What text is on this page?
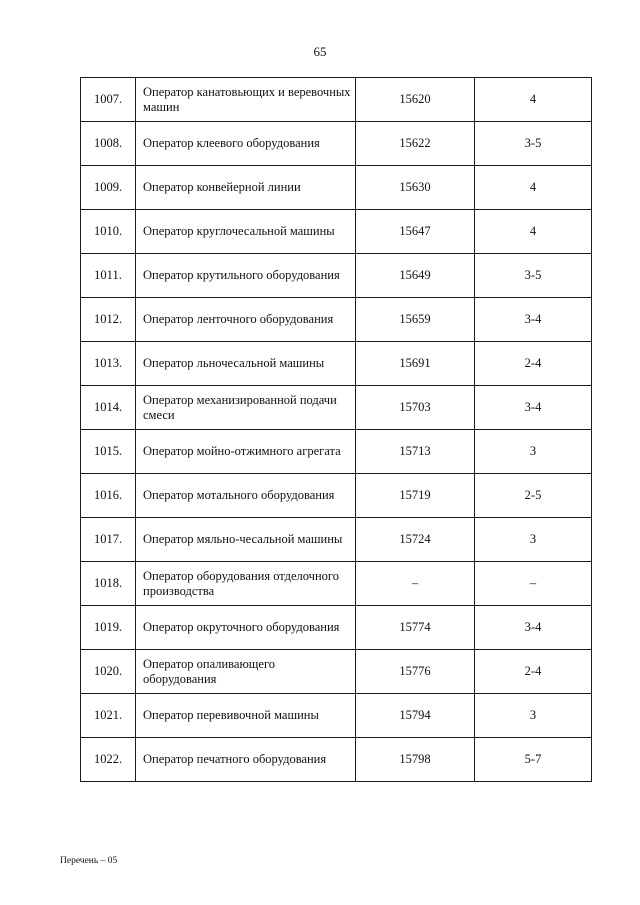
65
1007.	Оператор канатовьющих и веревочных машин	15620	4
1008.	Оператор клеевого оборудования	15622	3-5
1009.	Оператор конвейерной линии	15630	4
1010.	Оператор круглочесальной машины	15647	4
1011.	Оператор крутильного оборудования	15649	3-5
1012.	Оператор ленточного оборудования	15659	3-4
1013.	Оператор льночесальной машины	15691	2-4
1014.	Оператор механизированной подачи смеси	15703	3-4
1015.	Оператор мойно-отжимного агрегата	15713	3
1016.	Оператор мотального оборудования	15719	2-5
1017.	Оператор мяльно-чесальной машины	15724	3
1018.	Оператор оборудования отделочного производства	–	–
1019.	Оператор окруточного оборудования	15774	3-4
1020.	Оператор опаливающего оборудования	15776	2-4
1021.	Оператор перевивочной машины	15794	3
1022.	Оператор печатного оборудования	15798	5-7
Перечень – 05
